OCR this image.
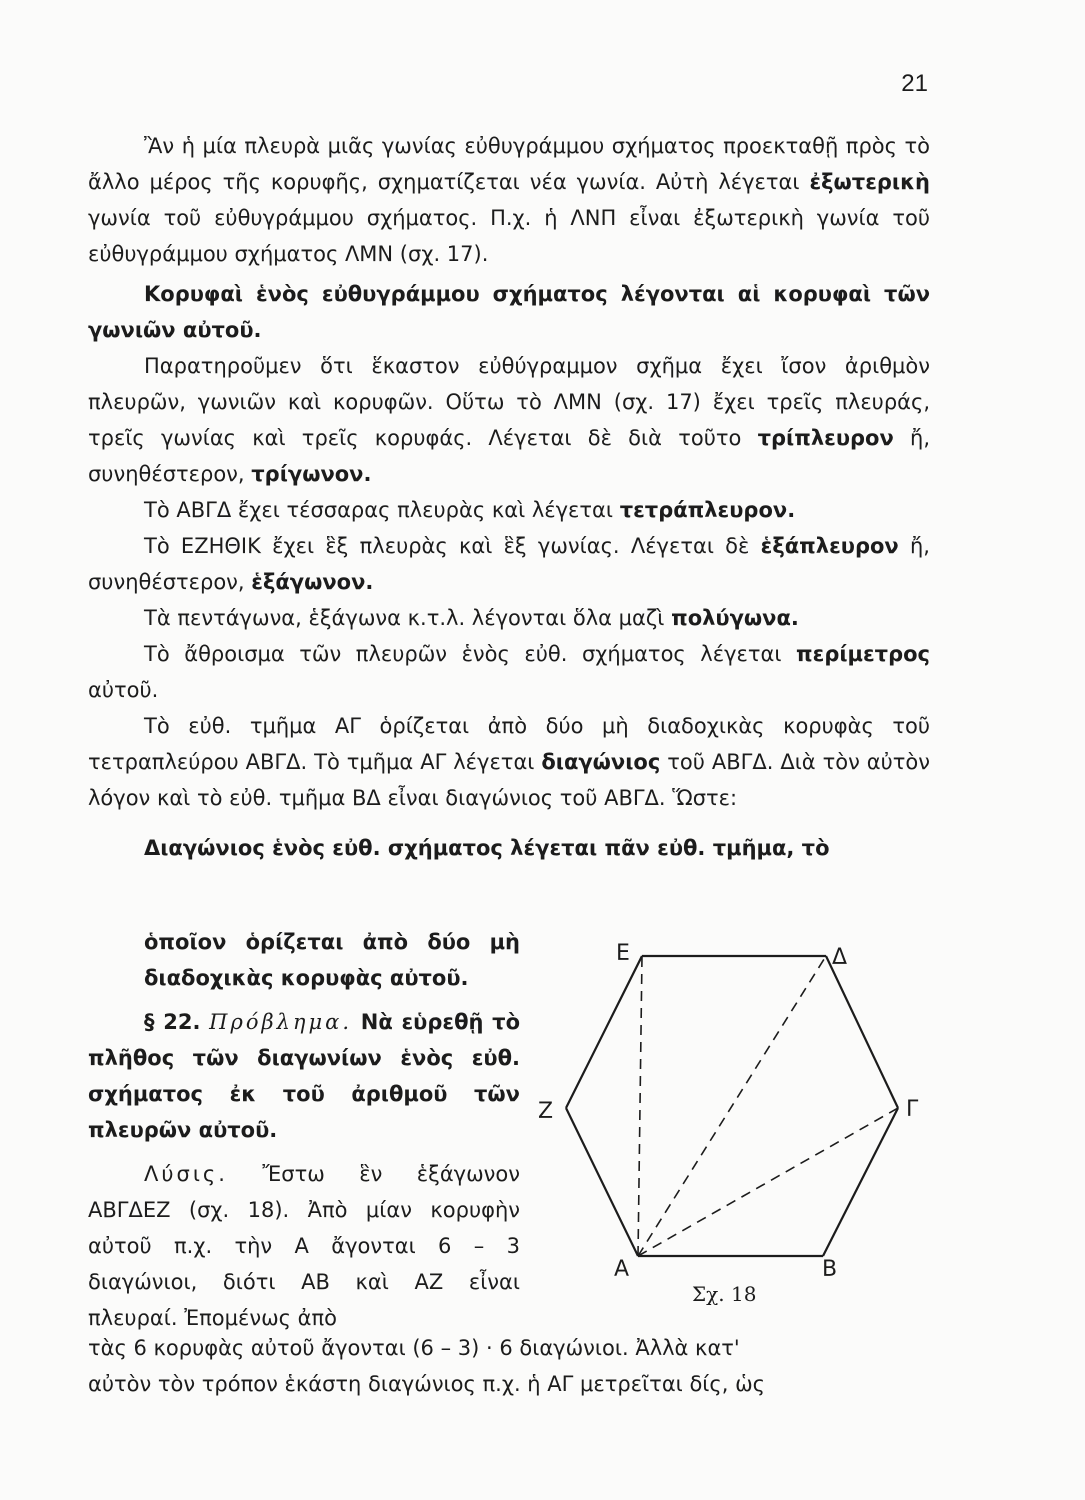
21

Ἂν ἡ μία πλευρὰ μιᾶς γωνίας εὐθυγράμμου σχήματος προεκταθῇ πρὸς τὸ ἄλλο μέρος τῆς κορυφῆς, σχηματίζεται νέα γωνία. Αὐτὴ λέγεται ἐξωτερικὴ γωνία τοῦ εὐθυγράμμου σχήματος. Π.χ. ἡ ΛΝΠ εἶναι ἐξωτερικὴ γωνία τοῦ εὐθυγράμμου σχήματος ΛΜΝ (σχ. 17).

Κορυφαὶ ἑνὸς εὐθυγράμμου σχήματος λέγονται αἱ κορυφαὶ τῶν γωνιῶν αὐτοῦ.

Παρατηροῦμεν ὅτι ἕκαστον εὐθύγραμμον σχῆμα ἔχει ἴσον ἀριθμὸν πλευρῶν, γωνιῶν καὶ κορυφῶν. Οὕτω τὸ ΛΜΝ (σχ. 17) ἔχει τρεῖς πλευράς, τρεῖς γωνίας καὶ τρεῖς κορυφάς. Λέγεται δὲ διὰ τοῦτο τρίπλευρον ἤ, συνηθέστερον, τρίγωνον.

Τὸ ΑΒΓΔ ἔχει τέσσαρας πλευρὰς καὶ λέγεται τετράπλευρον.

Τὸ ΕΖΗΘΙΚ ἔχει ἓξ πλευρὰς καὶ ἓξ γωνίας. Λέγεται δὲ ἑξάπλευρον ἤ, συνηθέστερον, ἑξάγωνον.

Τὰ πεντάγωνα, ἑξάγωνα κ.τ.λ. λέγονται ὅλα μαζὶ πολύγωνα.

Τὸ ἄθροισμα τῶν πλευρῶν ἑνὸς εὐθ. σχήματος λέγεται περίμετρος αὐτοῦ.

Τὸ εὐθ. τμῆμα ΑΓ ὁρίζεται ἀπὸ δύο μὴ διαδοχικὰς κορυφὰς τοῦ τετραπλεύρου ΑΒΓΔ. Τὸ τμῆμα ΑΓ λέγεται διαγώνιος τοῦ ΑΒΓΔ. Διὰ τὸν αὐτὸν λόγον καὶ τὸ εὐθ. τμῆμα ΒΔ εἶναι διαγώνιος τοῦ ΑΒΓΔ. Ὥστε:

Διαγώνιος ἑνὸς εὐθ. σχήματος λέγεται πᾶν εὐθ. τμῆμα, τὸ

ὁποῖον ὁρίζεται ἀπὸ δύο μὴ διαδοχικὰς κορυφὰς αὐτοῦ.

§ 22. Πρόβλημα. Νὰ εὑρεθῇ τὸ πλῆθος τῶν διαγωνίων ἑνὸς εὐθ. σχήματος ἐκ τοῦ ἀριθμοῦ τῶν πλευρῶν αὐτοῦ.

Λύσις. Ἔστω ἓν ἑξάγωνον ΑΒΓΔΕΖ (σχ. 18). Ἀπὸ μίαν κορυφὴν αὐτοῦ π.χ. τὴν Α ἄγονται 6 – 3 διαγώνιοι, διότι ΑΒ καὶ ΑΖ εἶναι πλευραί. Ἐπομένως ἀπὸ

Α	Β
Γ
Δ
Ε
Ζ
Σχ. 18

τὰς 6 κορυφὰς αὐτοῦ ἄγονται (6 – 3) · 6 διαγώνιοι. Ἀλλὰ κατ'

αὐτὸν τὸν τρόπον ἑκάστη διαγώνιος π.χ. ἡ ΑΓ μετρεῖται δίς, ὡς
